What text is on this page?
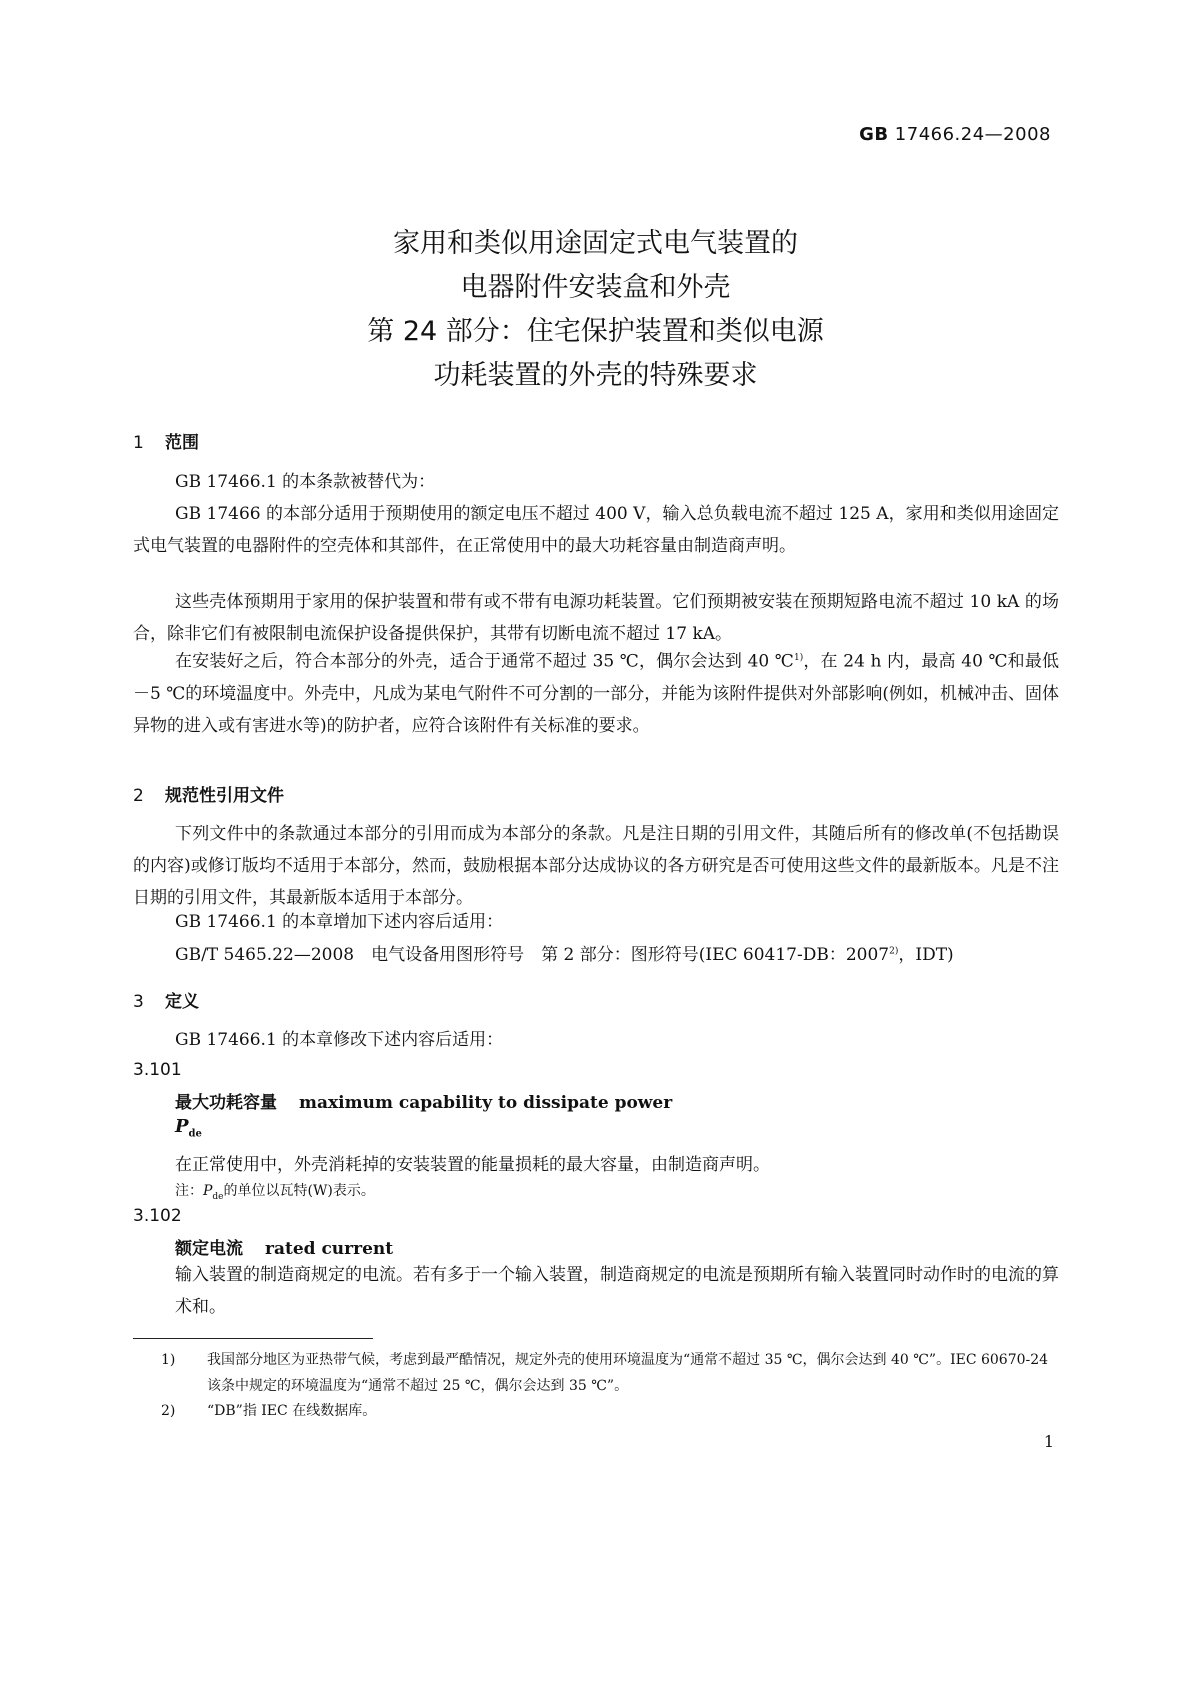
GB 17466.24—2008
家用和类似用途固定式电气装置的
电器附件安装盒和外壳
第 24 部分：住宅保护装置和类似电源
功耗装置的外壳的特殊要求
1 范围
GB 17466.1 的本条款被替代为：
GB 17466 的本部分适用于预期使用的额定电压不超过 400 V，输入总负载电流不超过 125 A，家用和类似用途固定式电气装置的电器附件的空壳体和其部件，在正常使用中的最大功耗容量由制造商声明。
这些壳体预期用于家用的保护装置和带有或不带有电源功耗装置。它们预期被安装在预期短路电流不超过 10 kA 的场合，除非它们有被限制电流保护设备提供保护，其带有切断电流不超过 17 kA。
在安装好之后，符合本部分的外壳，适合于通常不超过 35 ℃，偶尔会达到 40 ℃$^{1)}$，在 24 h 内，最高 40 ℃和最低－5 ℃的环境温度中。外壳中，凡成为某电气附件不可分割的一部分，并能为该附件提供对外部影响(例如，机械冲击、固体异物的进入或有害进水等)的防护者，应符合该附件有关标准的要求。
2 规范性引用文件
下列文件中的条款通过本部分的引用而成为本部分的条款。凡是注日期的引用文件，其随后所有的修改单(不包括勘误的内容)或修订版均不适用于本部分，然而，鼓励根据本部分达成协议的各方研究是否可使用这些文件的最新版本。凡是不注日期的引用文件，其最新版本适用于本部分。
GB 17466.1 的本章增加下述内容后适用：
GB/T 5465.22—2008　电气设备用图形符号　第 2 部分：图形符号(IEC 60417-DB：2007$^{2)}$，IDT)
3 定义
GB 17466.1 的本章修改下述内容后适用：
3.101
最大功耗容量 maximum capability to dissipate power
$P_{de}$
在正常使用中，外壳消耗掉的安装装置的能量损耗的最大容量，由制造商声明。
注：$P_{de}$的单位以瓦特(W)表示。
3.102
额定电流 rated current
输入装置的制造商规定的电流。若有多于一个输入装置，制造商规定的电流是预期所有输入装置同时动作时的电流的算术和。
1) 我国部分地区为亚热带气候，考虑到最严酷情况，规定外壳的使用环境温度为“通常不超过 35 ℃，偶尔会达到 40 ℃”。IEC 60670-24 该条中规定的环境温度为“通常不超过 25 ℃，偶尔会达到 35 ℃”。
2) “DB”指 IEC 在线数据库。
1
